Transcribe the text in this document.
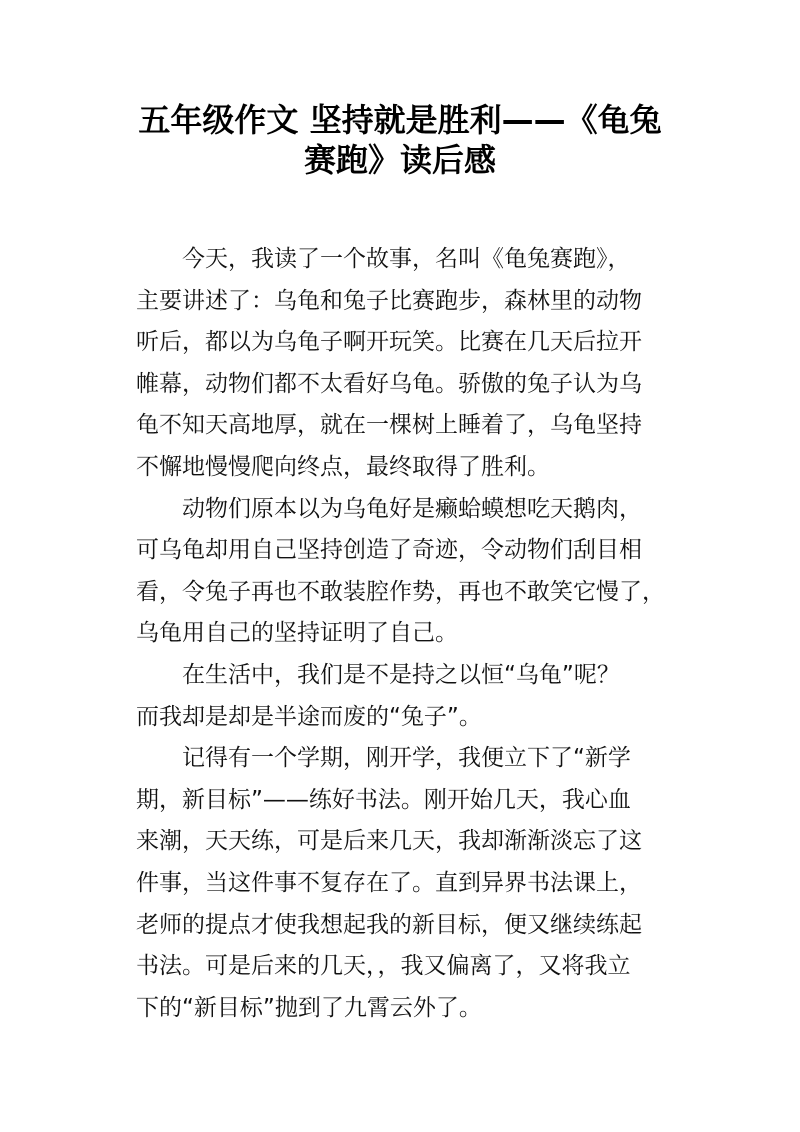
五年级作文 坚持就是胜利——《龟兔
赛跑》读后感
今天，我读了一个故事，名叫《龟兔赛跑》，
主要讲述了：乌龟和兔子比赛跑步，森林里的动物
听后，都以为乌龟子啊开玩笑。比赛在几天后拉开
帷幕，动物们都不太看好乌龟。骄傲的兔子认为乌
龟不知天高地厚，就在一棵树上睡着了，乌龟坚持
不懈地慢慢爬向终点，最终取得了胜利。
动物们原本以为乌龟好是癞蛤蟆想吃天鹅肉，
可乌龟却用自己坚持创造了奇迹，令动物们刮目相
看，令兔子再也不敢装腔作势，再也不敢笑它慢了，
乌龟用自己的坚持证明了自己。
在生活中，我们是不是持之以恒“乌龟”呢？
而我却是却是半途而废的“兔子”。
记得有一个学期，刚开学，我便立下了“新学
期，新目标”——练好书法。刚开始几天，我心血
来潮，天天练，可是后来几天，我却渐渐淡忘了这
件事，当这件事不复存在了。直到异界书法课上，
老师的提点才使我想起我的新目标，便又继续练起
书法。可是后来的几天，，我又偏离了，又将我立
下的“新目标”抛到了九霄云外了。
